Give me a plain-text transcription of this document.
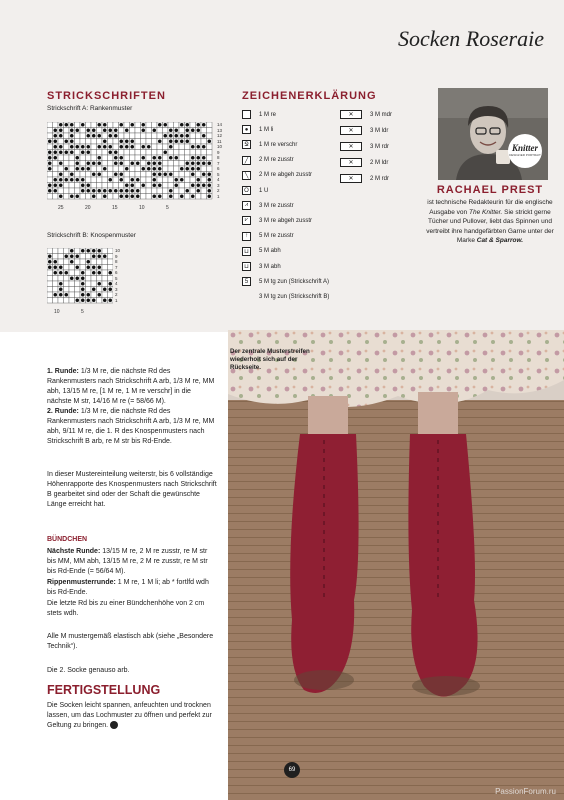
Socken Roseraie
STRICKSCHRIFTEN
Strickschrift A: Rankenmuster
14
13
12
11
10
9
8
7
6
5
4
3
2
1
25	20	15	10	5
Strickschrift B: Knospenmuster
10
9
8
7
6
5
4
3
2
1
10	5
ZEICHENERKLÄRUNG
1 M re
●	1 M li
Ջ	1 M re verschr
╱	2 M re zusstr
╲	2 M re abgeh zusstr
O	1 U
⩘	3 M re zusstr
⩗	3 M re abgeh zusstr
↑	5 M re zusstr
⊔	5 M abh
⊔	3 M abh
5	5 M tg zun (Strickschrift A)
3 M tg zun (Strickschrift B)
✕	3 M mdr
✕	3 M ldr
✕	3 M rdr
✕	2 M ldr
✕	2 M rdr
Knitter
DESIGNER PORTRAIT
RACHAEL PREST
ist technische Redakteurin für die englische Ausgabe von The Knitter. Sie strickt gerne Tücher und Pullover, liebt das Spinnen und vertreibt ihre handgefärbten Garne unter der Marke Cat & Sparrow.
Der zentrale Musterstreifen wiederholt sich auf der Rückseite.
1. Runde: 1/3 M re, die nächste Rd des Rankenmusters nach Strickschrift A arb, 1/3 M re, MM abh, 13/15 M re, [1 M re, 1 M re verschr] in die nächste M str, 14/16 M re (= 58/66 M).
2. Runde: 1/3 M re, die nächste Rd des Rankenmusters nach Strickschrift A arb, 1/3 M re, MM abh, 9/11 M re, die 1. R des Knospenmusters nach Strickschrift B arb, re M str bis Rd-Ende.
In dieser Mustereinteilung weiterstr, bis 6 vollständige Höhenrapporte des Knospenmusters nach Strickschrift B gearbeitet sind oder der Schaft die gewünschte Länge erreicht hat.
BÜNDCHEN
Nächste Runde: 13/15 M re, 2 M re zusstr, re M str bis MM, MM abh, 13/15 M re, 2 M re zusstr, re M str bis Rd-Ende (= 56/64 M).
Rippenmusterrunde: 1 M re, 1 M li; ab * fortlfd wdh bis Rd-Ende.
Die letzte Rd bis zu einer Bündchenhöhe von 2 cm stets wdh.
Alle M mustergemäß elastisch abk (siehe „Besondere Technik“).
Die 2. Socke genauso arb.
FERTIGSTELLUNG
Die Socken leicht spannen, anfeuchten und trocknen lassen, um das Lochmuster zu öffnen und perfekt zur Geltung zu bringen.
69
PassionForum.ru
